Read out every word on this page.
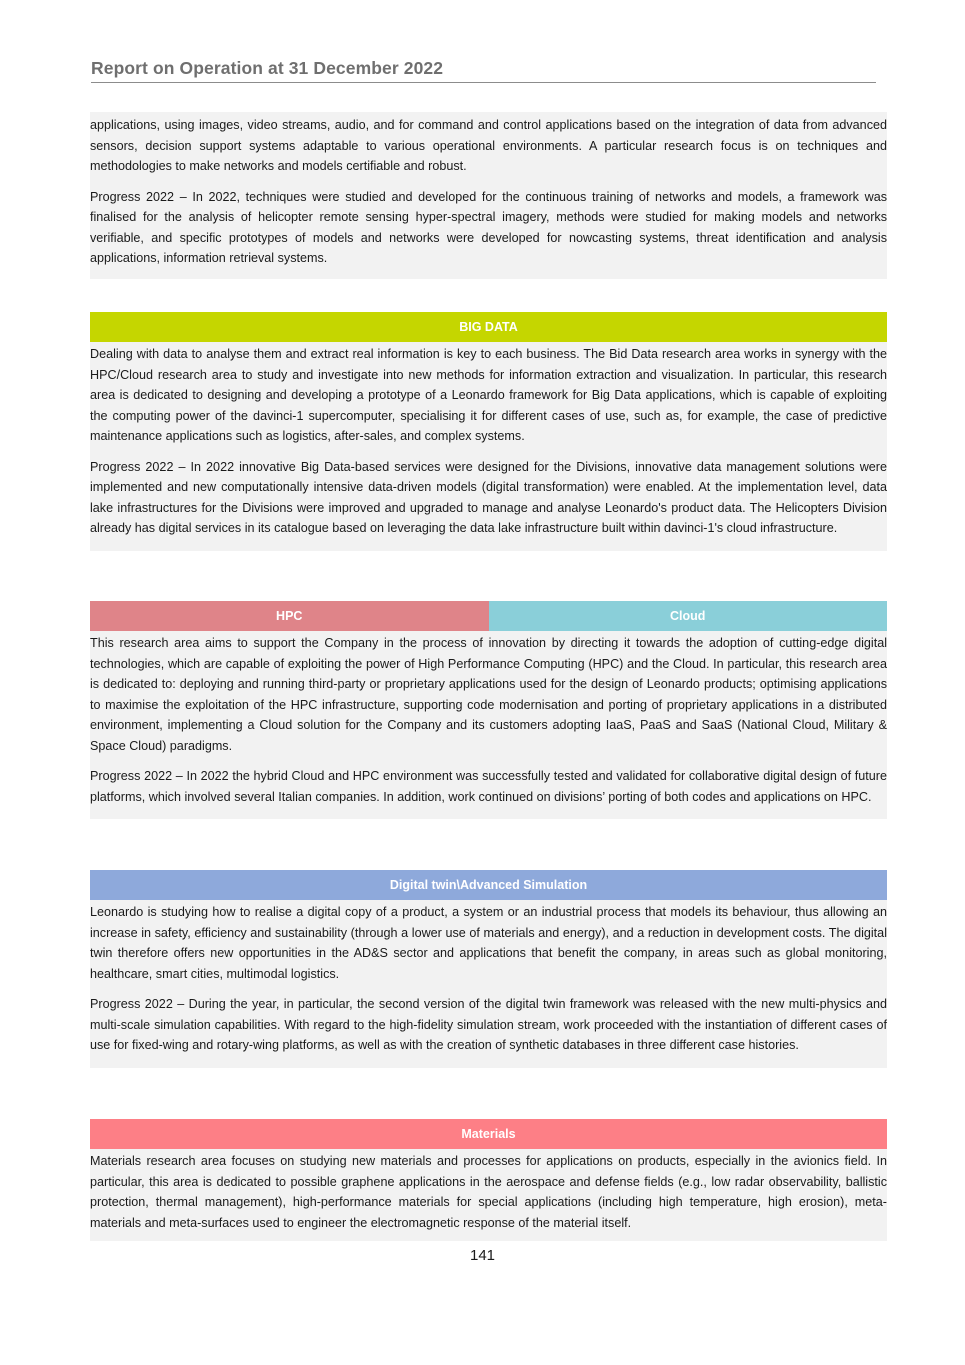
Report on Operation at 31 December 2022

applications, using images, video streams, audio, and for command and control applications based on the integration of data from advanced sensors, decision support systems adaptable to various operational environments. A particular research focus is on techniques and methodologies to make networks and models certifiable and robust.

Progress 2022 – In 2022, techniques were studied and developed for the continuous training of networks and models, a framework was finalised for the analysis of helicopter remote sensing hyper-spectral imagery, methods were studied for making models and networks verifiable, and specific prototypes of models and networks were developed for nowcasting systems, threat identification and analysis applications, information retrieval systems.

BIG DATA

Dealing with data to analyse them and extract real information is key to each business. The Bid Data research area works in synergy with the HPC/Cloud research area to study and investigate into new methods for information extraction and visualization. In particular, this research area is dedicated to designing and developing a prototype of a Leonardo framework for Big Data applications, which is capable of exploiting the computing power of the davinci-1 supercomputer, specialising it for different cases of use, such as, for example, the case of predictive maintenance applications such as logistics, after-sales, and complex systems.

Progress 2022 – In 2022 innovative Big Data-based services were designed for the Divisions, innovative data management solutions were implemented and new computationally intensive data-driven models (digital transformation) were enabled. At the implementation level, data lake infrastructures for the Divisions were improved and upgraded to manage and analyse Leonardo's product data. The Helicopters Division already has digital services in its catalogue based on leveraging the data lake infrastructure built within davinci-1's cloud infrastructure.

HPC	Cloud

This research area aims to support the Company in the process of innovation by directing it towards the adoption of cutting-edge digital technologies, which are capable of exploiting the power of High Performance Computing (HPC) and the Cloud. In particular, this research area is dedicated to: deploying and running third-party or proprietary applications used for the design of Leonardo products; optimising applications to maximise the exploitation of the HPC infrastructure, supporting code modernisation and porting of proprietary applications in a distributed environment, implementing a Cloud solution for the Company and its customers adopting IaaS, PaaS and SaaS (National Cloud, Military & Space Cloud) paradigms.

Progress 2022 – In 2022 the hybrid Cloud and HPC environment was successfully tested and validated for collaborative digital design of future platforms, which involved several Italian companies. In addition, work continued on divisions’ porting of both codes and applications on HPC.

Digital twin\Advanced Simulation

Leonardo is studying how to realise a digital copy of a product, a system or an industrial process that models its behaviour, thus allowing an increase in safety, efficiency and sustainability (through a lower use of materials and energy), and a reduction in development costs. The digital twin therefore offers new opportunities in the AD&S sector and applications that benefit the company, in areas such as global monitoring, healthcare, smart cities, multimodal logistics.

Progress 2022 – During the year, in particular, the second version of the digital twin framework was released with the new multi-physics and multi-scale simulation capabilities. With regard to the high-fidelity simulation stream, work proceeded with the instantiation of different cases of use for fixed-wing and rotary-wing platforms, as well as with the creation of synthetic databases in three different case histories.

Materials

Materials research area focuses on studying new materials and processes for applications on products, especially in the avionics field. In particular, this area is dedicated to possible graphene applications in the aerospace and defense fields (e.g., low radar observability, ballistic protection, thermal management), high-performance materials for special applications (including high temperature, high erosion), meta-materials and meta-surfaces used to engineer the electromagnetic response of the material itself.

141
